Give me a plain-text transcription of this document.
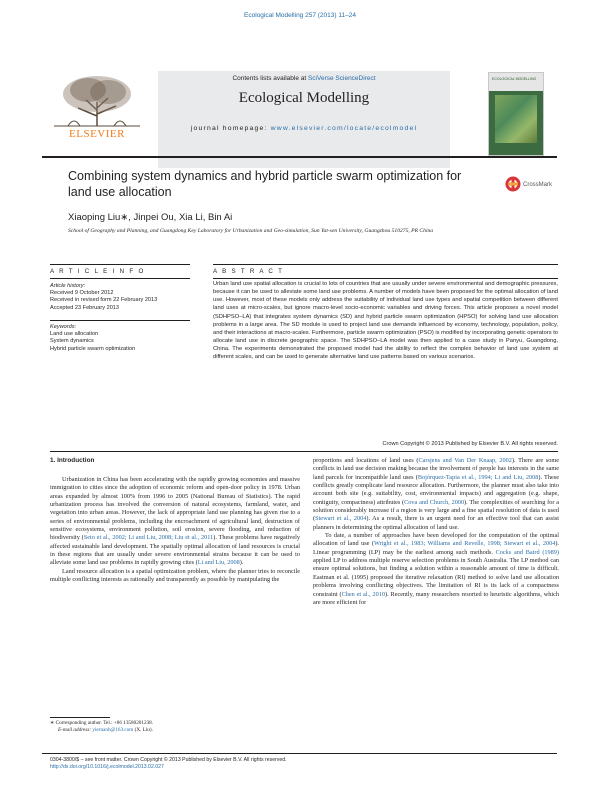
Ecological Modelling 257 (2013) 11–24
Contents lists available at SciVerse ScienceDirect
Ecological Modelling
journal homepage: www.elsevier.com/locate/ecolmodel
ELSEVIER
ECOLOGICAL MODELLING
Combining system dynamics and hybrid particle swarm optimization for land use allocation	CrossMark
Xiaoping Liu∗, Jinpei Ou, Xia Li, Bin Ai
School of Geography and Planning, and Guangdong Key Laboratory for Urbanization and Geo-simulation, Sun Yat-sen University, Guangzhou 510275, PR China
A R T I C L E I N F O
Article history:
Received 9 October 2012
Received in revised form 22 February 2013
Accepted 23 February 2013
Keywords:
Land use allocation
System dynamics
Hybrid particle swarm optimization
A B S T R A C T
Urban land use spatial allocation is crucial to lots of countries that are usually under severe environmental and demographic pressures, because it can be used to alleviate some land use problems. A number of models have been proposed for the optimal allocation of land use. However, most of these models only address the suitability of individual land use types and spatial competition between different land uses at micro-scales, but ignore macro-level socio-economic variables and driving forces. This article proposes a novel model (SDHPSO–LA) that integrates system dynamics (SD) and hybrid particle swarm optimization (HPSO) for solving land use allocation problems in a large area. The SD module is used to project land use demands influenced by economy, technology, population, policy, and their interactions at macro-scales. Furthermore, particle swarm optimization (PSO) is modified by incorporating genetic operators to allocate land use in discrete geographic space. The SDHPSO–LA model was then applied to a case study in Panyu, Guangdong, China. The experiments demonstrated the proposed model had the ability to reflect the complex behavior of land use system at different scales, and can be used to generate alternative land use patterns based on various scenarios.
Crown Copyright © 2013 Published by Elsevier B.V. All rights reserved.
1. Introduction

Urbanization in China has been accelerating with the rapidly growing economies and massive immigration to cities since the adoption of economic reform and open-door policy in 1978. Urban areas expanded by almost 100% from 1996 to 2005 (National Bureau of Statistics). The rapid urbanization process has involved the conversion of natural ecosystems, farmland, water, and vegetation into urban areas. However, the lack of appropriate land use planning has given rise to a series of environmental problems, including the encroachment of agricultural land, destruction of sensitive ecosystems, environment pollution, soil erosion, severe flooding, and reduction of biodiversity (Seto et al., 2002; Li and Liu, 2008; Liu et al., 2011). These problems have negatively affected sustainable land development. The spatially optimal allocation of land resources is crucial in these regions that are usually under severe environmental strains because it can be used to alleviate some land use problems in rapidly growing cites (Li and Liu, 2008).

Land resource allocation is a spatial optimization problem, where the planner tries to reconcile multiple conflicting interests as rationally and transparently as possible by manipulating the

∗ Corresponding author. Tel.: +86 13580201238.
E-mail address: yiernanh@163.com (X. Liu).

proportions and locations of land uses (Carsjens and Van Der Knaap, 2002). There are some conflicts in land use decision making because the involvement of people has interests in the same land parcels for incompatible land uses (Bojórquez-Tapia et al., 1994; Li and Liu, 2008). These conflicts greatly complicate land resource allocation. Furthermore, the planner must also take into account both site (e.g. suitability, cost, environmental impacts) and aggregation (e.g. shape, contiguity, compactness) attributes (Cova and Church, 2000). The complexities of searching for a solution considerably increase if a region is very large and a fine spatial resolution of data is used (Stewart et al., 2004). As a result, there is an urgent need for an effective tool that can assist planners in determining the optimal allocation of land use.

To date, a number of approaches have been developed for the computation of the optimal allocation of land use (Wright et al., 1983; Williams and Revelle, 1998; Stewart et al., 2004). Linear programming (LP) may be the earliest among such methods. Cocks and Baird (1989) applied LP to address multiple reserve selection problems in South Australia. The LP method can ensure optimal solutions, but finding a solution within a reasonable amount of time is difficult. Eastman et al. (1995) proposed the iterative relaxation (RI) method to solve land use allocation problems involving conflicting objectives. The limitation of RI is its lack of a compactness constraint (Chen et al., 2010). Recently, many researchers resorted to heuristic algorithms, which are more efficient for

0304-3800/$ – see front matter. Crown Copyright © 2013 Published by Elsevier B.V. All rights reserved.
http://dx.doi.org/10.1016/j.ecolmodel.2013.02.027
